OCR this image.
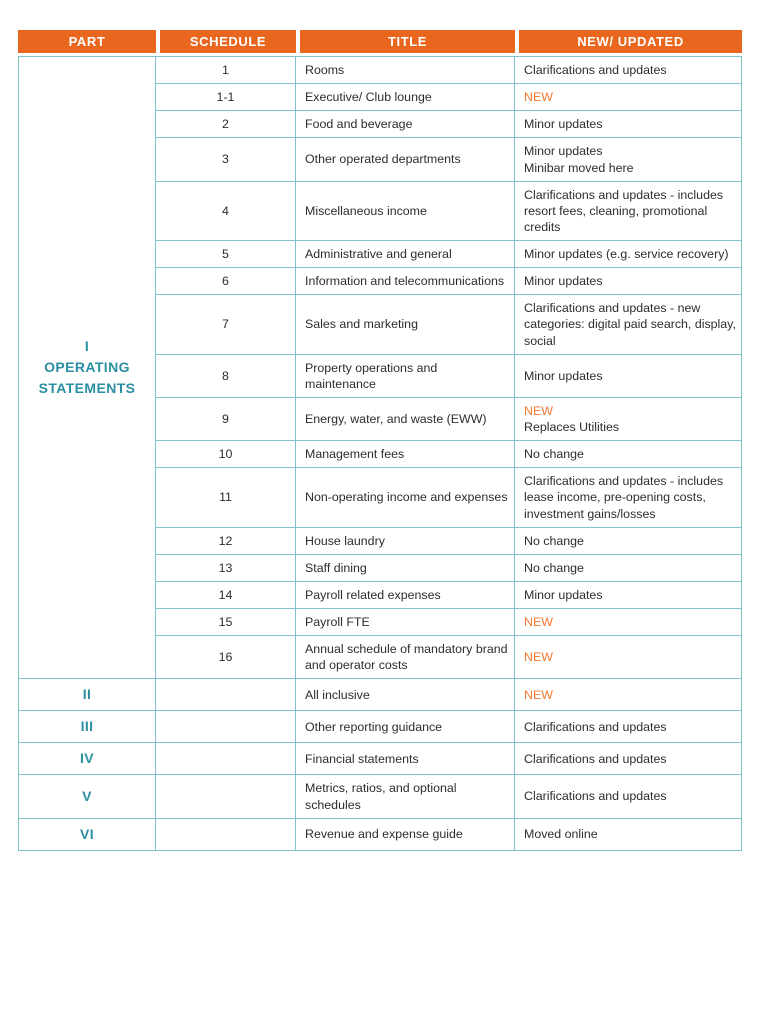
PART	SCHEDULE	TITLE	NEW/ UPDATED

I
OPERATING
STATEMENTS	1	Rooms	Clarifications and updates

	1-1	Executive/ Club lounge	NEW

	2	Food and beverage	Minor updates

	3	Other operated departments	Minor updates
Minibar moved here

	4	Miscellaneous income	Clarifications and updates - includes resort fees, cleaning, promotional credits

	5	Administrative and general	Minor updates (e.g. service recovery)

	6	Information and telecommunications	Minor updates

	7	Sales and marketing	Clarifications and updates - new categories: digital paid search, display, social

	8	Property operations and maintenance	Minor updates

	9	Energy, water, and waste (EWW)	NEW
Replaces Utilities

	10	Management fees	No change

	11	Non-operating income and expenses	Clarifications and updates - includes lease income, pre-opening costs, investment gains/losses

	12	House laundry	No change

	13	Staff dining	No change

	14	Payroll related expenses	Minor updates

	15	Payroll FTE	NEW

	16	Annual schedule of mandatory brand and operator costs	NEW

II		All inclusive	NEW

III		Other reporting guidance	Clarifications and updates

IV		Financial statements	Clarifications and updates

V		Metrics, ratios, and optional schedules	Clarifications and updates

VI		Revenue and expense guide	Moved online
